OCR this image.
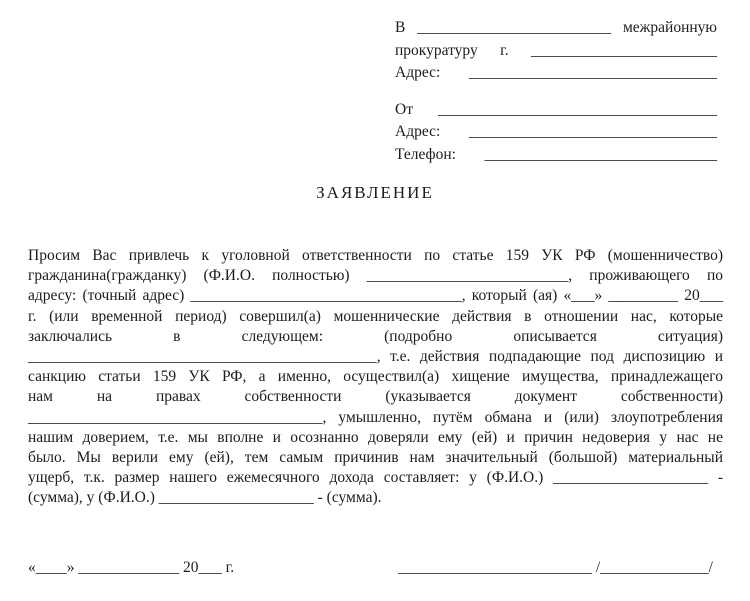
В _________________________ межрайонную
прокуратуру г. ________________________
Адрес: ________________________________
От ____________________________________
Адрес: ________________________________
Телефон: ______________________________
ЗАЯВЛЕНИЕ
Просим Вас привлечь к уголовной ответственности по статье 159 УК РФ (мошенничество)
гражданина(гражданку) (Ф.И.О. полностью) __________________________, проживающего по
адресу: (точный адрес) ___________________________________, который (ая) «___» _________ 20___
г. (или временной период) совершил(а) мошеннические действия в отношении нас, которые
заключались в следующем: (подробно описывается ситуация)
_____________________________________________, т.е. действия подпадающие под диспозицию и
санкцию статьи 159 УК РФ, а именно, осуществил(а) хищение имущества, принадлежащего
нам на правах собственности (указывается документ собственности)
______________________________________, умышленно, путём обмана и (или) злоупотребления
нашим доверием, т.е. мы вполне и осознанно доверяли ему (ей) и причин недоверия у нас не
было. Мы верили ему (ей), тем самым причинив нам значительный (большой) материальный
ущерб, т.к. размер нашего ежемесячного дохода составляет: у (Ф.И.О.) ____________________ -
(сумма), у (Ф.И.О.) ____________________ - (сумма).
«____» _____________ 20___ г.	_________________________ /______________/
